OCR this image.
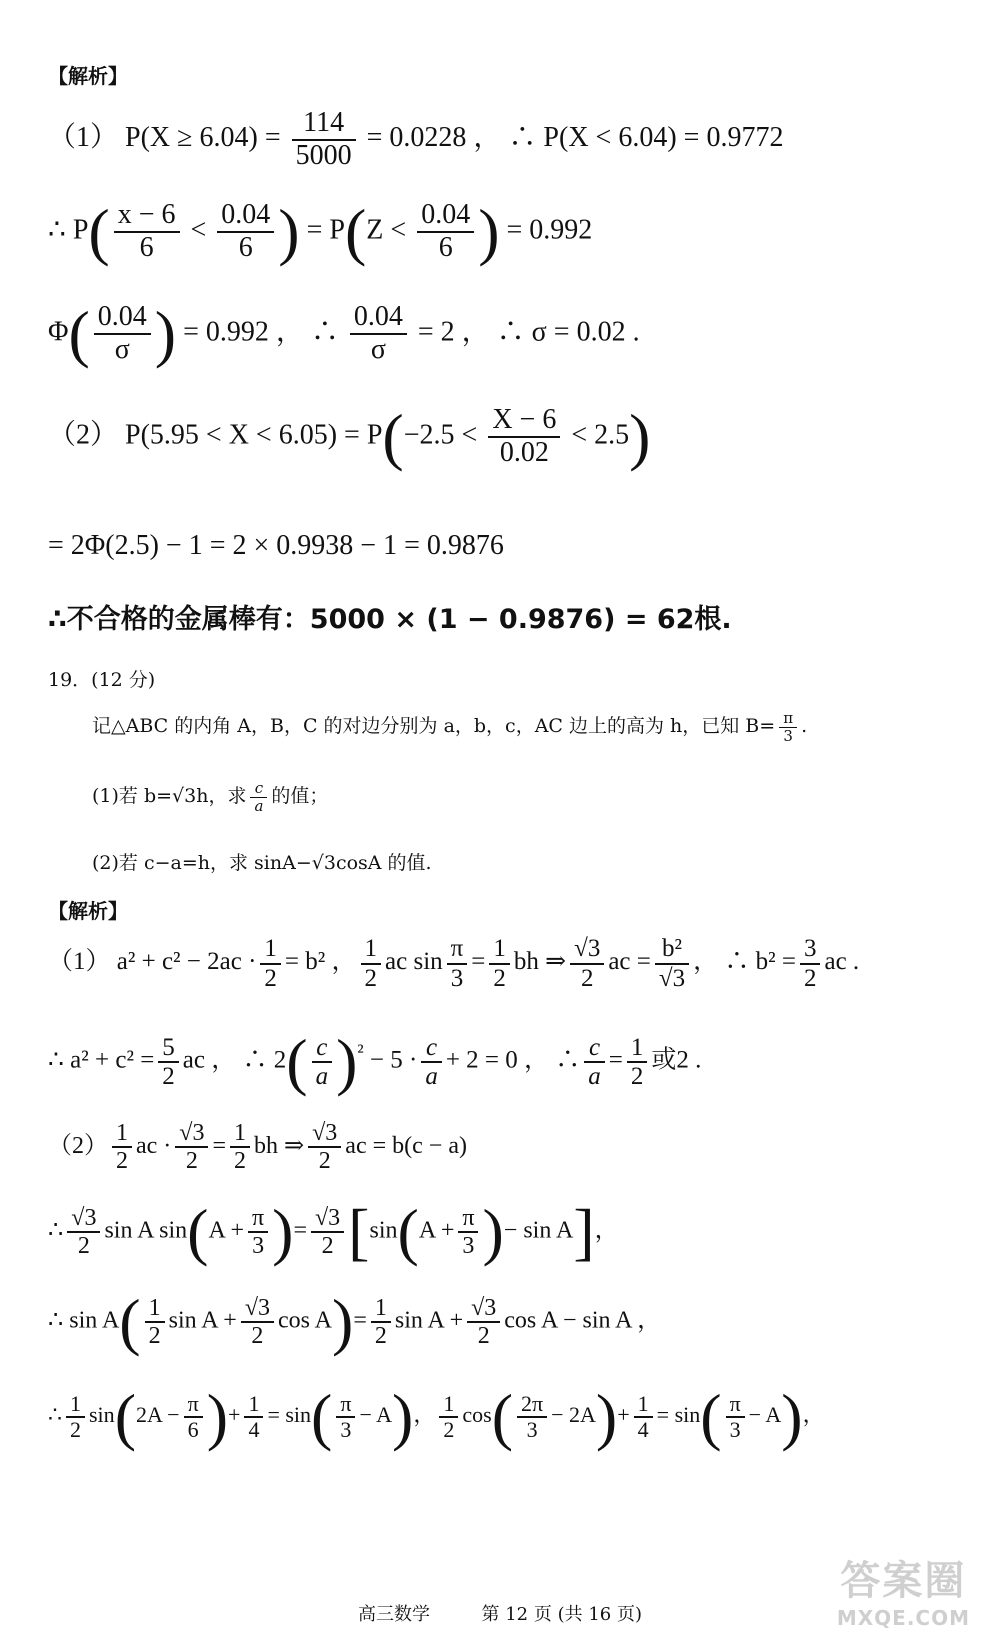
【解析】
（1） $P(X \ge 6.04) = \frac{114}{5000} = 0.0228$ ， ∴ P(X < 6.04) = 0.9772
∴ $P( \frac{x - 6}{6} < \frac{0.04}{6}$ ) = $P(Z < \frac{0.04}{6}$ ) = 0.992
$\Phi( \frac{0.04}{\sigma}$ ) = 0.992 ， ∴ $\frac{0.04}{\sigma} = 2$ ， ∴ σ = 0.02 .
（2） $P(5.95 < X < 6.05) = P(-2.5 < \frac{X - 6}{0.02} < 2.5)$
= 2Φ(2.5) − 1 = 2 × 0.9938 − 1 = 0.9876
∴不合格的金属棒有：5000 × (1 − 0.9876) = 62根.
19．(12 分)
记△ABC 的内角 A，B，C 的对边分别为 a，b，c，AC 边上的高为 h，已知 $B= \frac{\pi}{3}$ .
(1)若 b=√3h，求 $\frac{c}{a}$ 的值；
(2)若 c−a=h，求 sinA−√3cosA 的值.
【解析】
（1） $a^2 + c^2 - 2ac \cdot \frac{1}{2} = b^2$ ， $\frac{1}{2}$ ac $\sin \frac{\pi}{3} = \frac{1}{2}$ bh ⇒ $\frac{√3}{2}$ ac = $\frac{\text{b²}}{√3}$ ， ∴ $b^2 = \frac{3}{2}$ ac .
∴ $a^2 + c^2 = \frac{5}{2}$ ac ， ∴ $2( \frac{c}{a} )^{^2} - 5 \cdot \frac{c}{a} + 2 = 0$ ， ∴ $\frac{c}{a} = \frac{1}{2}$ 或2 .
$(2) \frac{1}{2}$ ac · $\frac{√3}{2} = \frac{1}{2}$ bh ⇒ $\frac{√3}{2}$ ac = b(c − a)
∴ $\frac{√3}{2}$ sin A $\sin(A + \frac{\pi}{3}$ )= $\frac{√3}{2} [\sin(A + \frac{\pi}{3}$ )− sin A]，
∴ $\sin A( \frac{1}{2}$ $\sin A + \frac{√3}{2}$ $\cos A)= \frac{1}{2}$ $\sin A + \frac{√3}{2}$ cos A − sin A ，
∴ $\frac{1}{2} \sin(2A - \frac{\pi}{6}$ )+ $\frac{1}{4} = \sin( \frac{\pi}{3} - A)$， $\frac{1}{2} \cos( \frac{2\pi}{3} - 2A)+ \frac{1}{4} = \sin( \frac{\pi}{3} - A)$，
高三数学	第 12 页 (共 16 页)
答案圈
MXQE.COM
